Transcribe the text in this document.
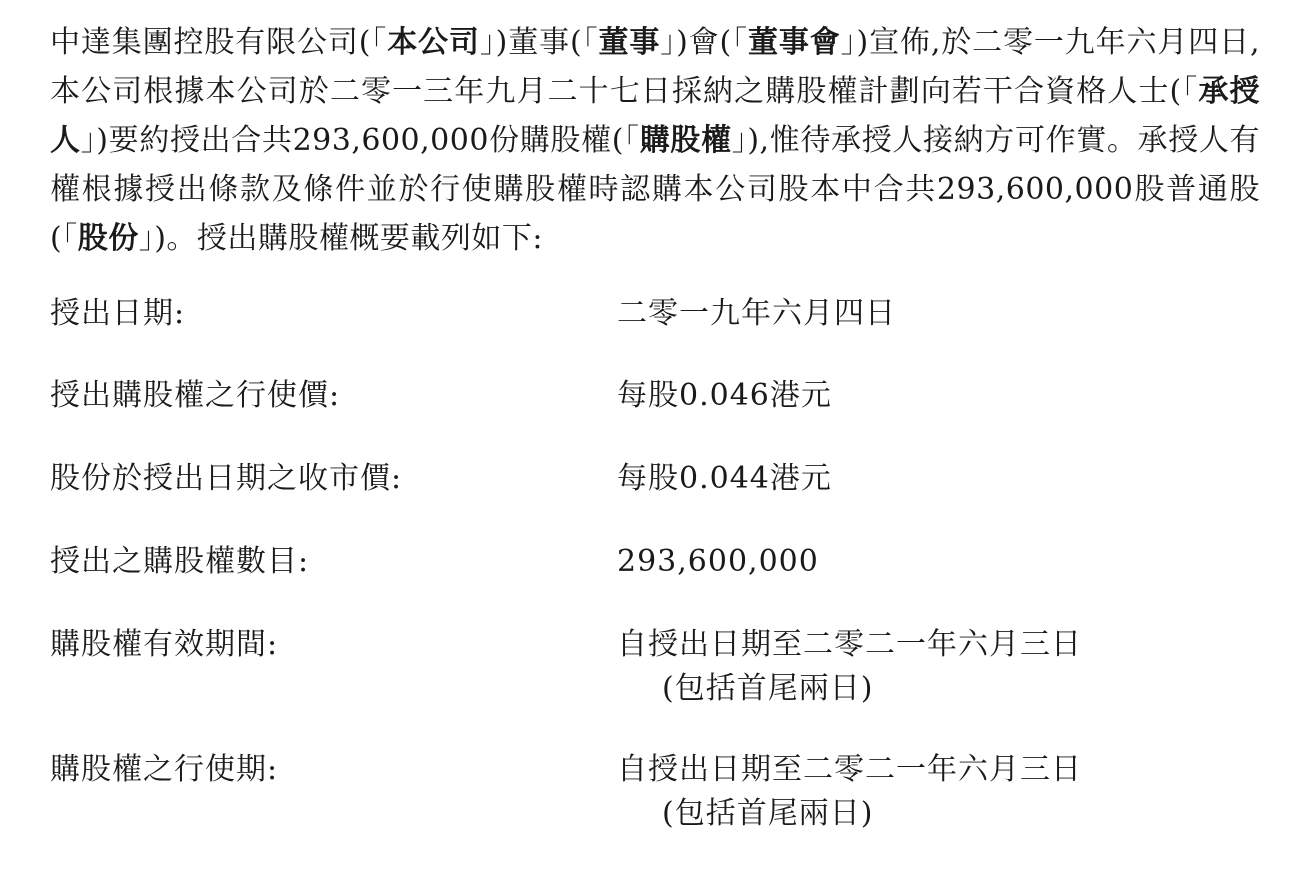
中達集團控股有限公司(「本公司」)董事(「董事」)會(「董事會」)宣佈,於二零一九年六月四日,本公司根據本公司於二零一三年九月二十七日採納之購股權計劃向若干合資格人士(「承授人」)要約授出合共293,600,000份購股權(「購股權」),惟待承授人接納方可作實。承授人有權根據授出條款及條件並於行使購股權時認購本公司股本中合共293,600,000股普通股(「股份」)。授出購股權概要載列如下:

授出日期:	二零一九年六月四日
授出購股權之行使價:	每股0.046港元
股份於授出日期之收市價:	每股0.044港元
授出之購股權數目:	293,600,000
購股權有效期間:	自授出日期至二零二一年六月三日
(包括首尾兩日)
購股權之行使期:	自授出日期至二零二一年六月三日
(包括首尾兩日)
